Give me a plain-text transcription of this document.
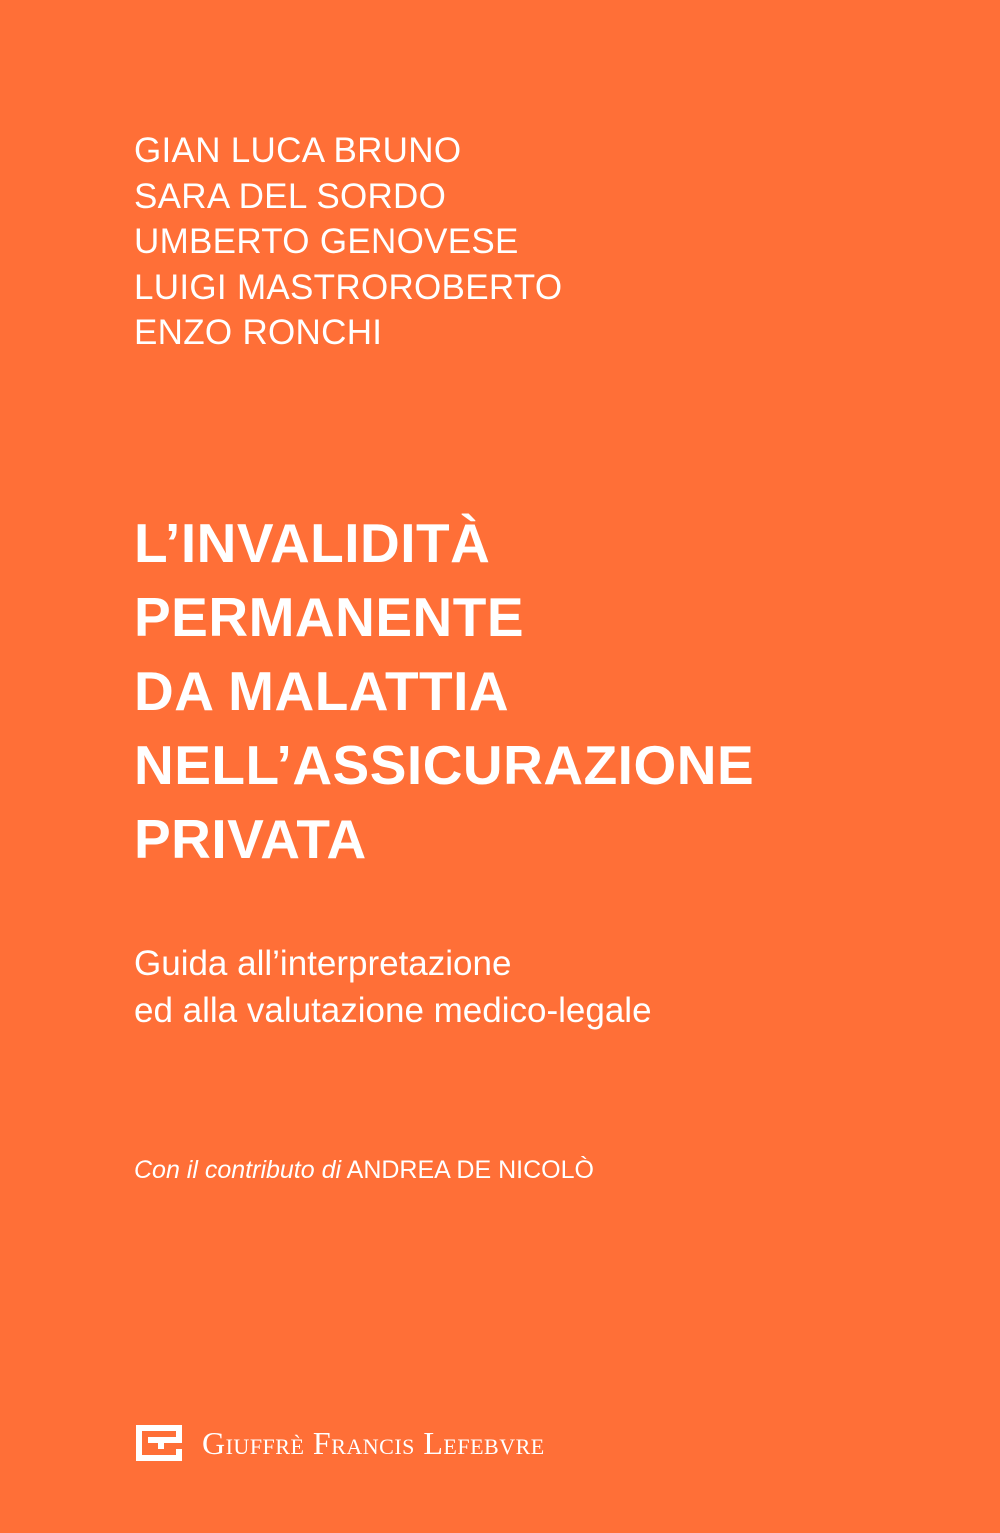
GIAN LUCA BRUNO
SARA DEL SORDO
UMBERTO GENOVESE
LUIGI MASTROROBERTO
ENZO RONCHI
L’INVALIDITÀ
PERMANENTE
DA MALATTIA
NELL’ASSICURAZIONE
PRIVATA

Guida all’interpretazione
ed alla valutazione medico-legale

Con il contributo di ANDREA DE NICOLÒ
Giuffrè Francis Lefebvre
